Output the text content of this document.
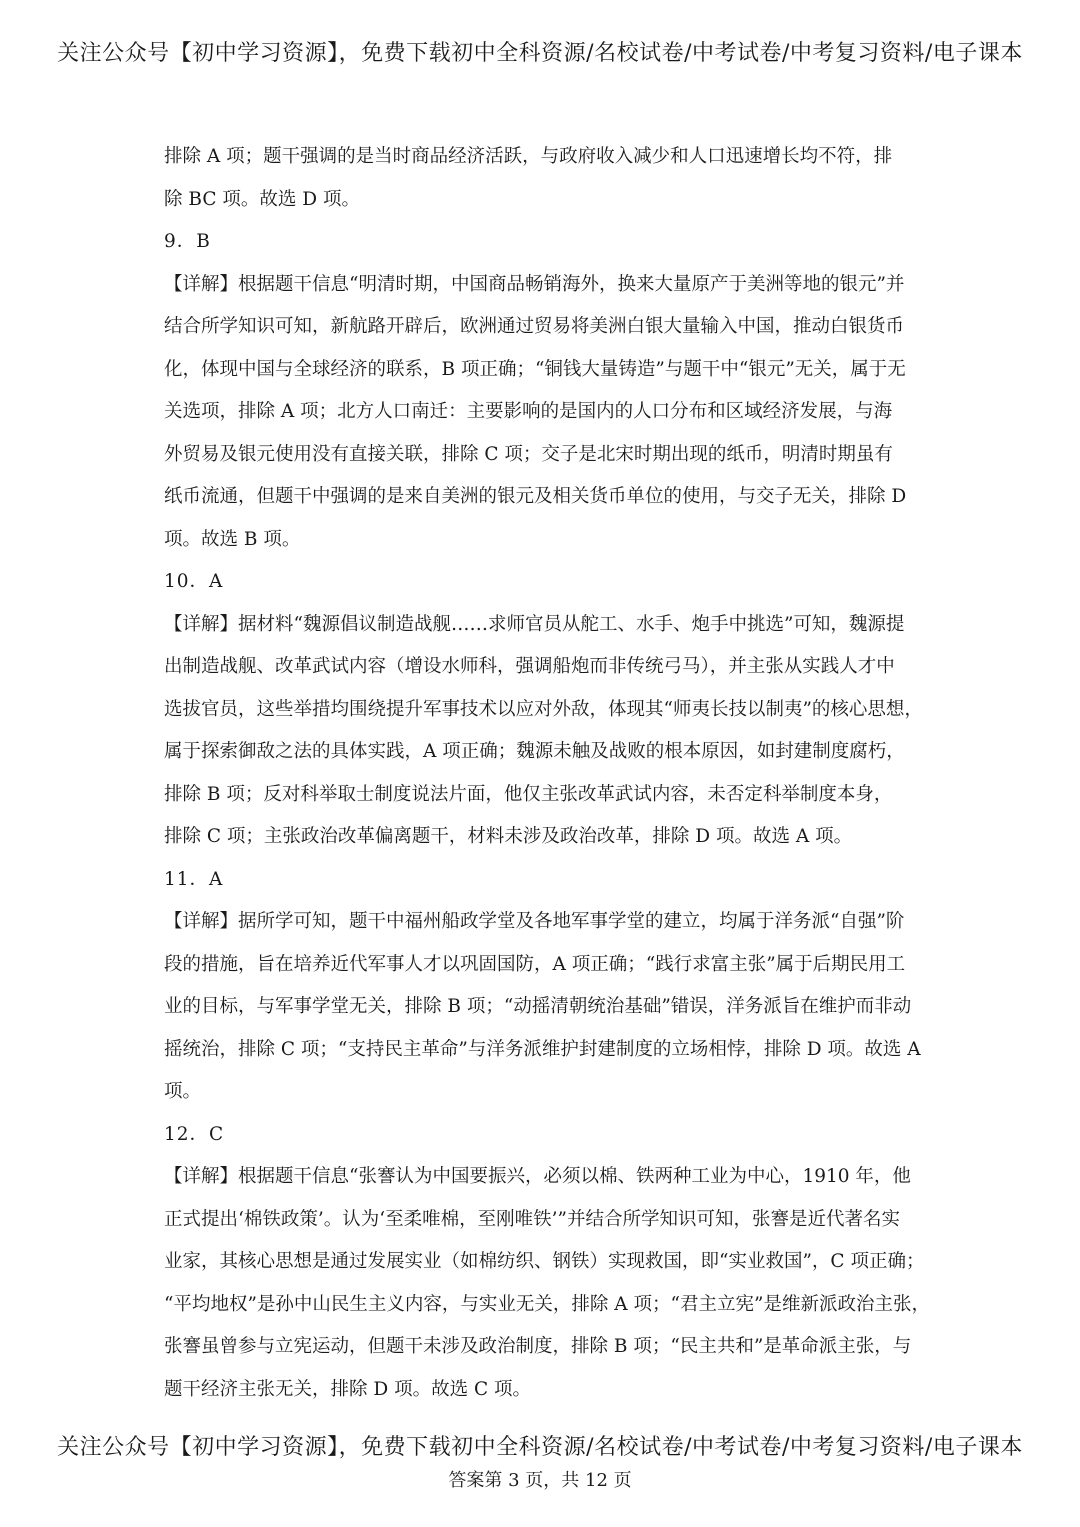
关注公众号【初中学习资源】，免费下载初中全科资源/名校试卷/中考试卷/中考复习资料/电子课本
排除 A 项；题干强调的是当时商品经济活跃，与政府收入减少和人口迅速增长均不符，排
除 BC 项。故选 D 项。
9．B
【详解】根据题干信息“明清时期，中国商品畅销海外，换来大量原产于美洲等地的银元”并
结合所学知识可知，新航路开辟后，欧洲通过贸易将美洲白银大量输入中国，推动白银货币
化，体现中国与全球经济的联系，B 项正确；“铜钱大量铸造”与题干中“银元”无关，属于无
关选项，排除 A 项；北方人口南迁：主要影响的是国内的人口分布和区域经济发展，与海
外贸易及银元使用没有直接关联，排除 C 项；交子是北宋时期出现的纸币，明清时期虽有
纸币流通，但题干中强调的是来自美洲的银元及相关货币单位的使用，与交子无关，排除 D
项。故选 B 项。
10．A
【详解】据材料“魏源倡议制造战舰……求师官员从舵工、水手、炮手中挑选”可知，魏源提
出制造战舰、改革武试内容（增设水师科，强调船炮而非传统弓马），并主张从实践人才中
选拔官员，这些举措均围绕提升军事技术以应对外敌，体现其“师夷长技以制夷”的核心思想，
属于探索御敌之法的具体实践，A 项正确；魏源未触及战败的根本原因，如封建制度腐朽，
排除 B 项；反对科举取士制度说法片面，他仅主张改革武试内容，未否定科举制度本身，
排除 C 项；主张政治改革偏离题干，材料未涉及政治改革，排除 D 项。故选 A 项。
11．A
【详解】据所学可知，题干中福州船政学堂及各地军事学堂的建立，均属于洋务派“自强”阶
段的措施，旨在培养近代军事人才以巩固国防，A 项正确；“践行求富主张”属于后期民用工
业的目标，与军事学堂无关，排除 B 项；“动摇清朝统治基础”错误，洋务派旨在维护而非动
摇统治，排除 C 项；“支持民主革命”与洋务派维护封建制度的立场相悖，排除 D 项。故选 A
项。
12．C
【详解】根据题干信息“张謇认为中国要振兴，必须以棉、铁两种工业为中心，1910 年，他
正式提出‘棉铁政策’。认为‘至柔唯棉，至刚唯铁’”并结合所学知识可知，张謇是近代著名实
业家，其核心思想是通过发展实业（如棉纺织、钢铁）实现救国，即“实业救国”，C 项正确；
“平均地权”是孙中山民生主义内容，与实业无关，排除 A 项；“君主立宪”是维新派政治主张，
张謇虽曾参与立宪运动，但题干未涉及政治制度，排除 B 项；“民主共和”是革命派主张，与
题干经济主张无关，排除 D 项。故选 C 项。
关注公众号【初中学习资源】，免费下载初中全科资源/名校试卷/中考试卷/中考复习资料/电子课本
答案第 3 页，共 12 页
